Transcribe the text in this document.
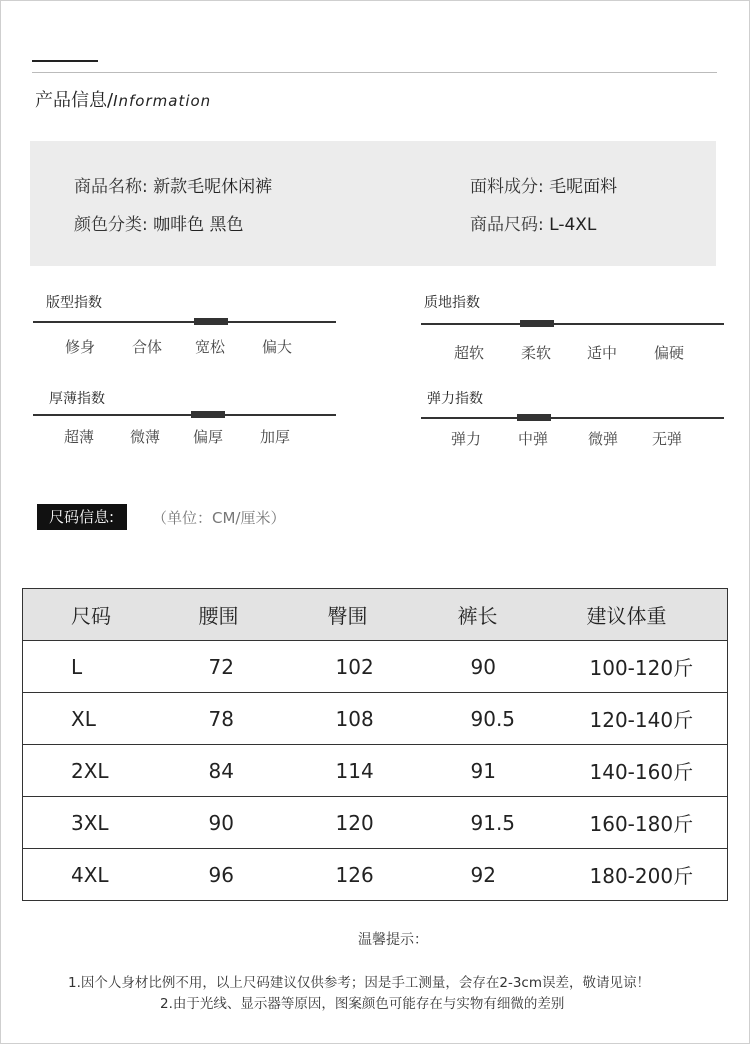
产品信息/Information
商品名称: 新款毛呢休闲裤	面料成分: 毛呢面料
颜色分类: 咖啡色 黑色	商品尺码: L-4XL
版型指数
修身 合体 宽松 偏大
质地指数
超软 柔软 适中 偏硬
厚薄指数
超薄 微薄 偏厚 加厚
弹力指数
弹力 中弹	微弹 无弹
尺码信息:	（单位：CM/厘米）
尺码	腰围	臀围	裤长	建议体重
L	72	102	90	100-120斤
XL	78	108	90.5	120-140斤
2XL	84	114	91	140-160斤
3XL	90	120	91.5	160-180斤
4XL	96	126	92	180-200斤
温馨提示：
1.因个人身材比例不用，以上尺码建议仅供参考；因是手工测量，会存在2-3cm误差，敬请见谅！
2.由于光线、显示器等原因，图案颜色可能存在与实物有细微的差别
